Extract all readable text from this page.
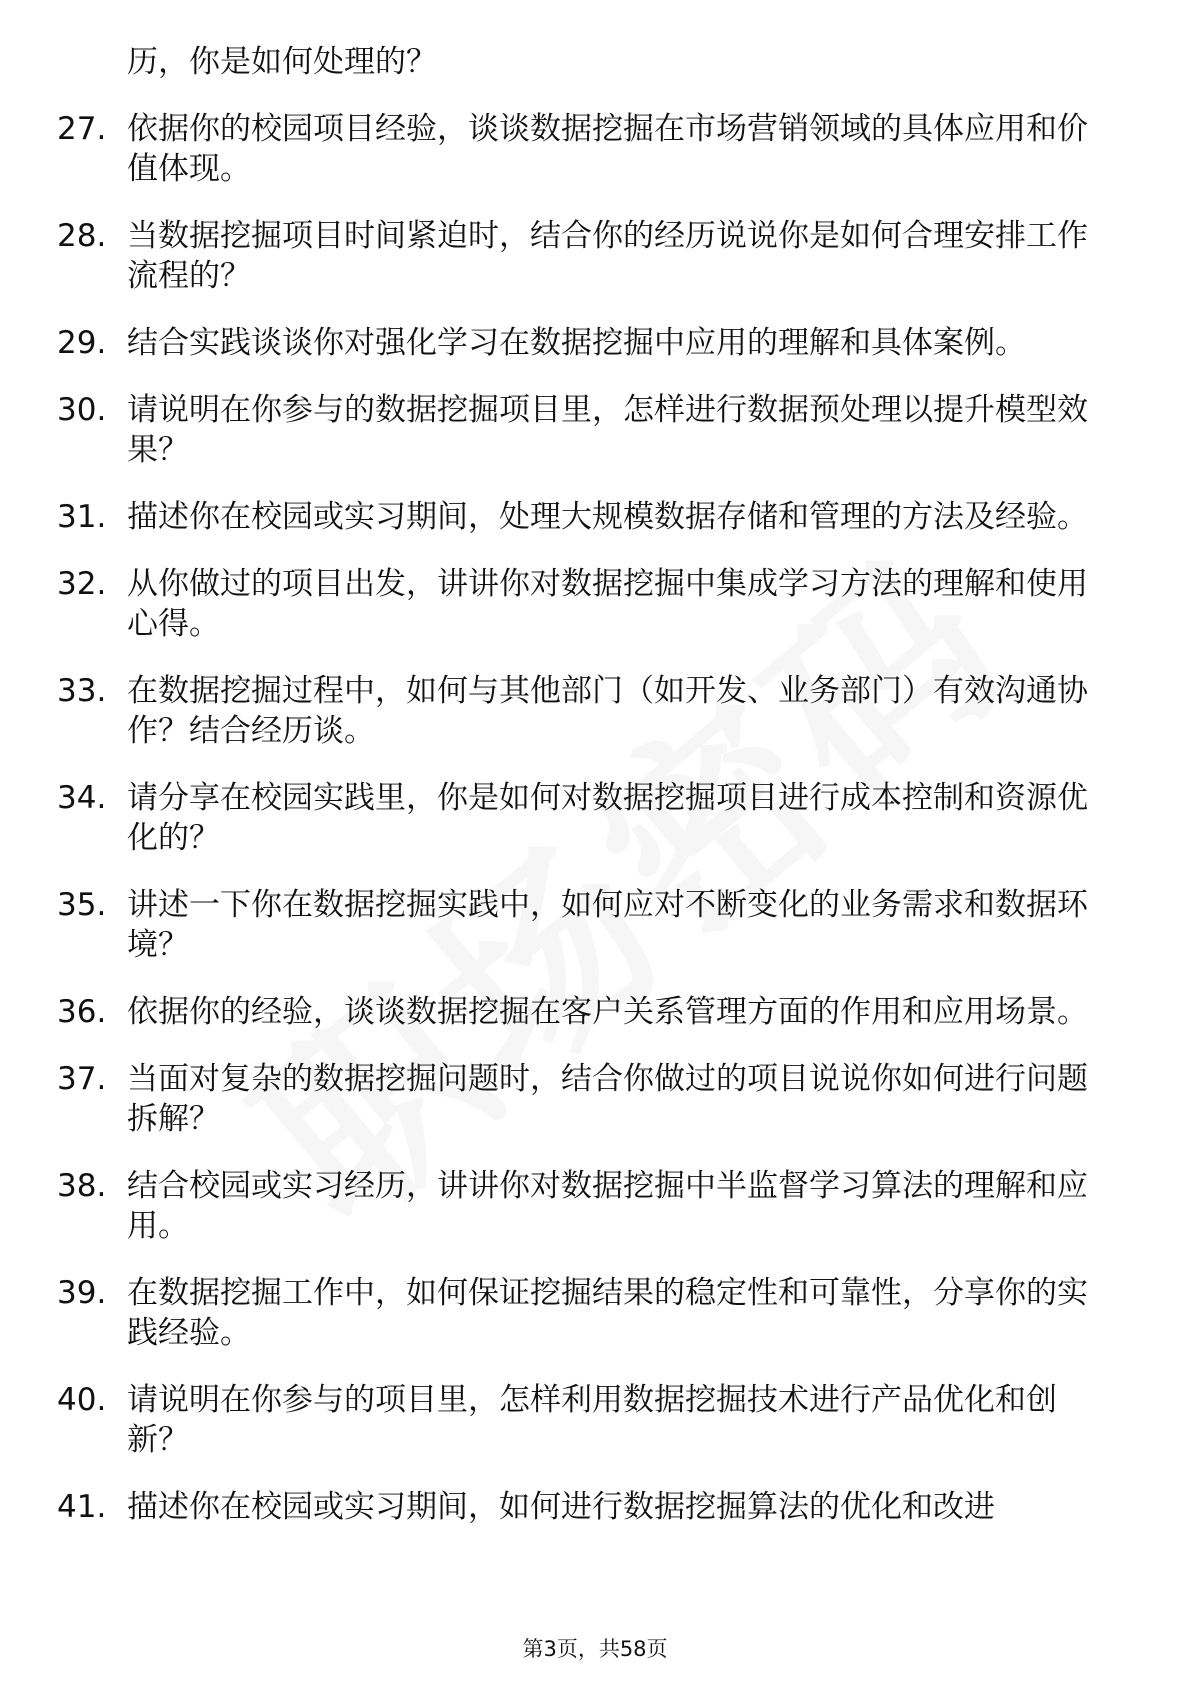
历，你是如何处理的？
27. 依据你的校园项目经验，谈谈数据挖掘在市场营销领域的具体应用和价值体现。
28. 当数据挖掘项目时间紧迫时，结合你的经历说说你是如何合理安排工作流程的？
29. 结合实践谈谈你对强化学习在数据挖掘中应用的理解和具体案例。
30. 请说明在你参与的数据挖掘项目里，怎样进行数据预处理以提升模型效果？
31. 描述你在校园或实习期间，处理大规模数据存储和管理的方法及经验。
32. 从你做过的项目出发，讲讲你对数据挖掘中集成学习方法的理解和使用心得。
33. 在数据挖掘过程中，如何与其他部门（如开发、业务部门）有效沟通协作？结合经历谈。
34. 请分享在校园实践里，你是如何对数据挖掘项目进行成本控制和资源优化的？
35. 讲述一下你在数据挖掘实践中，如何应对不断变化的业务需求和数据环境？
36. 依据你的经验，谈谈数据挖掘在客户关系管理方面的作用和应用场景。
37. 当面对复杂的数据挖掘问题时，结合你做过的项目说说你如何进行问题拆解？
38. 结合校园或实习经历，讲讲你对数据挖掘中半监督学习算法的理解和应用。
39. 在数据挖掘工作中，如何保证挖掘结果的稳定性和可靠性，分享你的实践经验。
40. 请说明在你参与的项目里，怎样利用数据挖掘技术进行产品优化和创新？
41. 描述你在校园或实习期间，如何进行数据挖掘算法的优化和改进
第3页，共58页
